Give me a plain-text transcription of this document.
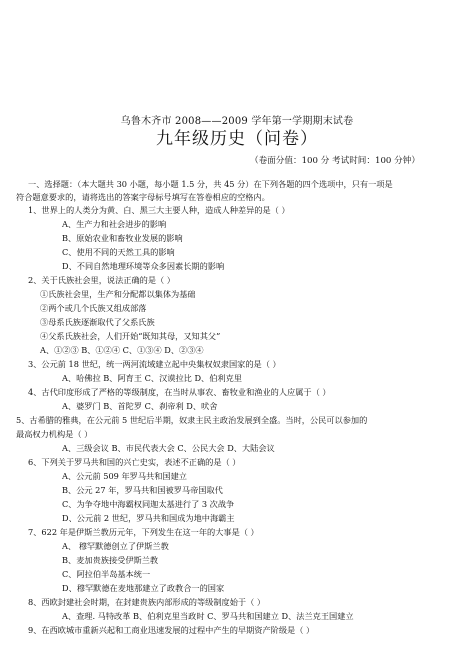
乌鲁木齐市 2008——2009 学年第一学期期末试卷
九年级历史（问卷）
（卷面分值：100 分 考试时间：100 分钟）
一、选择题：（本大题共 30 小题，每小题 1.5 分，共 45 分）在下列各题的四个选项中，只有一项是
符合题意要求的，请将选出的答案字母标号填写在答卷相应的空格内。
1、世界上的人类分为黄、白、黑三大主要人种，造成人种差异的是（ ）
A、生产力和社会进步的影响
B、原始农业和畜牧业发展的影响
C、使用不同的天然工具的影响
D、不同自然地理环境等众多因素长期的影响
2、关于氏族社会里，说法正确的是（ ）
①氏族社会里，生产和分配都以集体为基础
②两个或几个氏族又组成部落
③母系氏族逐渐取代了父系氏族
④父系氏族社会，人们开始“既知其母，又知其父”
A、①②③ B、①②④ C、①③④ D、②③④
3、公元前 18 世纪，统一两河流域建立起中央集权奴隶国家的是（ ）
A、哈佛拉 B、阿育王 C、汉谟拉比 D、伯利克里
4、古代印度形成了严格的等级制度，在当时从事农、畜牧业和渔业的人应属于（ ）
A、婆罗门 B、首陀罗 C、刹帝利 D、吠舍
5、古希腊的雅典，在公元前 5 世纪后半期，奴隶主民主政治发展到全盛。当时，公民可以参加的
最高权力机构是（ ）
A、三级会议 B、市民代表大会 C、公民大会 D、大陆会议
6、下列关于罗马共和国的兴亡史实，表述不正确的是（ ）
A、公元前 509 年罗马共和国建立
B、公元 27 年，罗马共和国被罗马帝国取代
C、为争夺地中海霸权同迦太基进行了 3 次战争
D、公元前 2 世纪，罗马共和国成为地中海霸主
7、622 年是伊斯兰教历元年，下列发生在这一年的大事是（ ）
A、 穆罕默德创立了伊斯兰教
B、麦加贵族接受伊斯兰教
C、阿拉伯半岛基本统一
D、穆罕默德在麦地那建立了政教合一的国家
8、西欧封建社会时期，在封建贵族内部形成的等级制度始于（ ）
A、查理. 马特改革 B、伯利克里当政时 C、罗马共和国建立 D、法兰克王国建立
9、在西欧城市重新兴起和工商业迅速发展的过程中产生的早期资产阶级是（ ）
